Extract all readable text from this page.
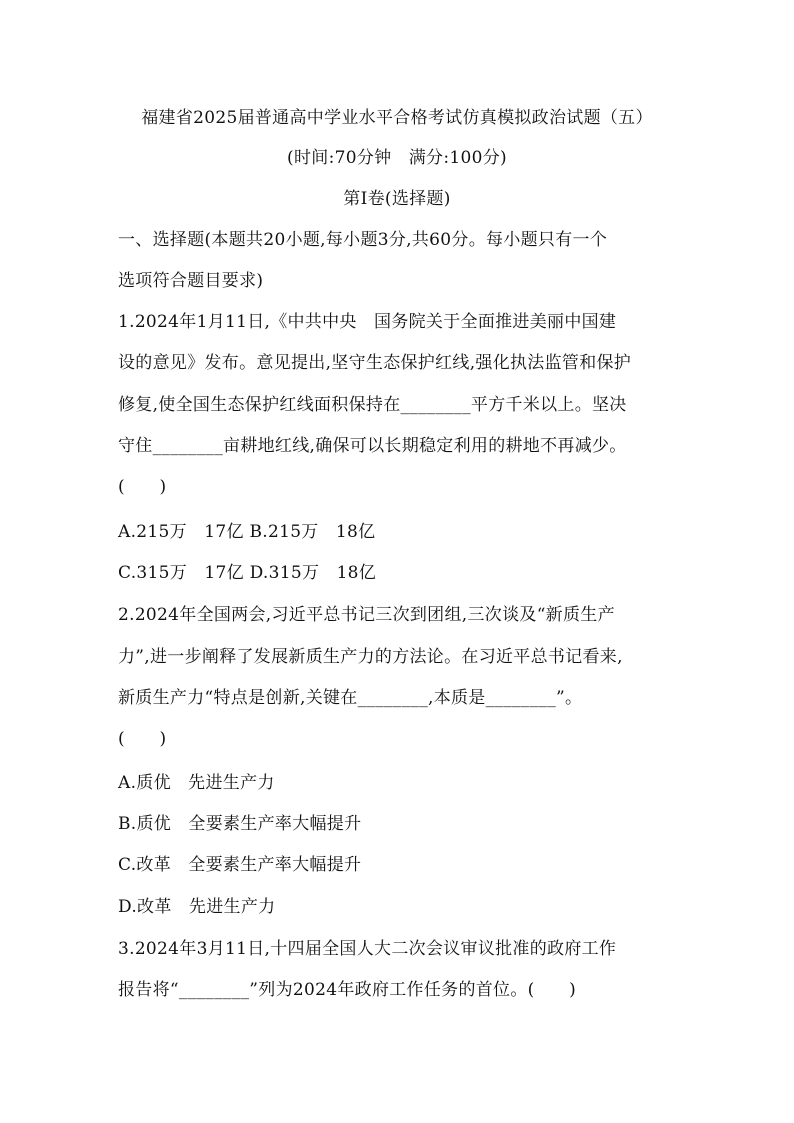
福建省2025届普通高中学业水平合格考试仿真模拟政治试题（五）
(时间:70分钟　满分:100分)
第Ⅰ卷(选择题)
一、选择题(本题共20小题,每小题3分,共60分。每小题只有一个
选项符合题目要求)
1.2024年1月11日,《中共中央　国务院关于全面推进美丽中国建
设的意见》发布。意见提出,坚守生态保护红线,强化执法监管和保护
修复,使全国生态保护红线面积保持在________平方千米以上。坚决
守住________亩耕地红线,确保可以长期稳定利用的耕地不再减少。
(　　)
A.215万　17亿 B.215万　18亿
C.315万　17亿 D.315万　18亿
2.2024年全国两会,习近平总书记三次到团组,三次谈及“新质生产
力”,进一步阐释了发展新质生产力的方法论。在习近平总书记看来,
新质生产力“特点是创新,关键在________,本质是________”。
(　　)
A.质优　先进生产力
B.质优　全要素生产率大幅提升
C.改革　全要素生产率大幅提升
D.改革　先进生产力
3.2024年3月11日,十四届全国人大二次会议审议批准的政府工作
报告将“________”列为2024年政府工作任务的首位。(　　)
